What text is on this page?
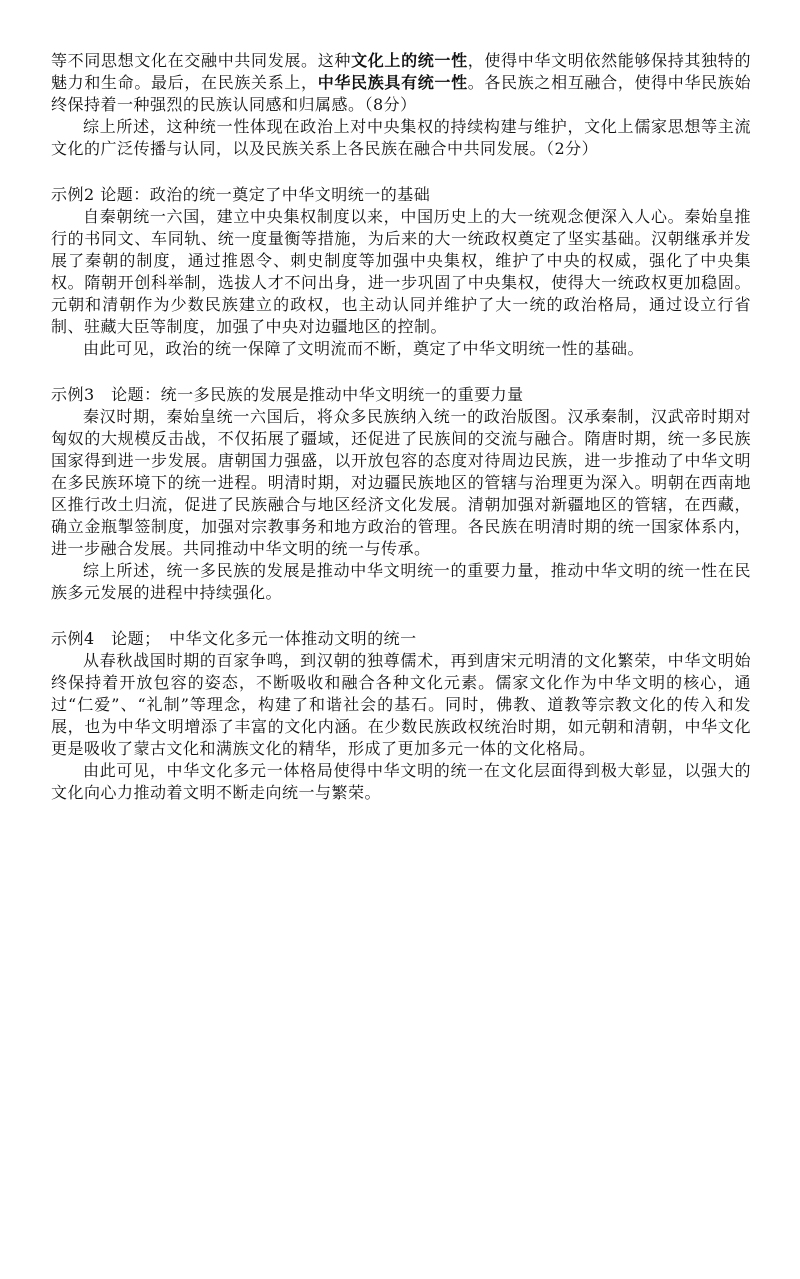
等不同思想文化在交融中共同发展。这种文化上的统一性，使得中华文明依然能够保持其独特的魅力和生命。最后，在民族关系上，中华民族具有统一性。各民族之相互融合，使得中华民族始终保持着一种强烈的民族认同感和归属感。（8分）

综上所述，这种统一性体现在政治上对中央集权的持续构建与维护，文化上儒家思想等主流文化的广泛传播与认同，以及民族关系上各民族在融合中共同发展。（2分）

示例2 论题：政治的统一奠定了中华文明统一的基础

自秦朝统一六国，建立中央集权制度以来，中国历史上的大一统观念便深入人心。秦始皇推行的书同文、车同轨、统一度量衡等措施，为后来的大一统政权奠定了坚实基础。汉朝继承并发展了秦朝的制度，通过推恩令、刺史制度等加强中央集权，维护了中央的权威，强化了中央集权。隋朝开创科举制，选拔人才不问出身，进一步巩固了中央集权，使得大一统政权更加稳固。元朝和清朝作为少数民族建立的政权，也主动认同并维护了大一统的政治格局，通过设立行省制、驻藏大臣等制度，加强了中央对边疆地区的控制。

由此可见，政治的统一保障了文明流而不断，奠定了中华文明统一性的基础。

示例3　论题：统一多民族的发展是推动中华文明统一的重要力量

秦汉时期，秦始皇统一六国后，将众多民族纳入统一的政治版图。汉承秦制，汉武帝时期对匈奴的大规模反击战，不仅拓展了疆域，还促进了民族间的交流与融合。隋唐时期，统一多民族国家得到进一步发展。唐朝国力强盛，以开放包容的态度对待周边民族，进一步推动了中华文明在多民族环境下的统一进程。明清时期，对边疆民族地区的管辖与治理更为深入。明朝在西南地区推行改土归流，促进了民族融合与地区经济文化发展。清朝加强对新疆地区的管辖，在西藏，确立金瓶掣签制度，加强对宗教事务和地方政治的管理。各民族在明清时期的统一国家体系内，进一步融合发展。共同推动中华文明的统一与传承。

综上所述，统一多民族的发展是推动中华文明统一的重要力量，推动中华文明的统一性在民族多元发展的进程中持续强化。

示例4　论题；　中华文化多元一体推动文明的统一

从春秋战国时期的百家争鸣，到汉朝的独尊儒术，再到唐宋元明清的文化繁荣，中华文明始终保持着开放包容的姿态，不断吸收和融合各种文化元素。儒家文化作为中华文明的核心，通过“仁爱”、“礼制”等理念，构建了和谐社会的基石。同时，佛教、道教等宗教文化的传入和发展，也为中华文明增添了丰富的文化内涵。在少数民族政权统治时期，如元朝和清朝，中华文化更是吸收了蒙古文化和满族文化的精华，形成了更加多元一体的文化格局。

由此可见，中华文化多元一体格局使得中华文明的统一在文化层面得到极大彰显，以强大的文化向心力推动着文明不断走向统一与繁荣。
